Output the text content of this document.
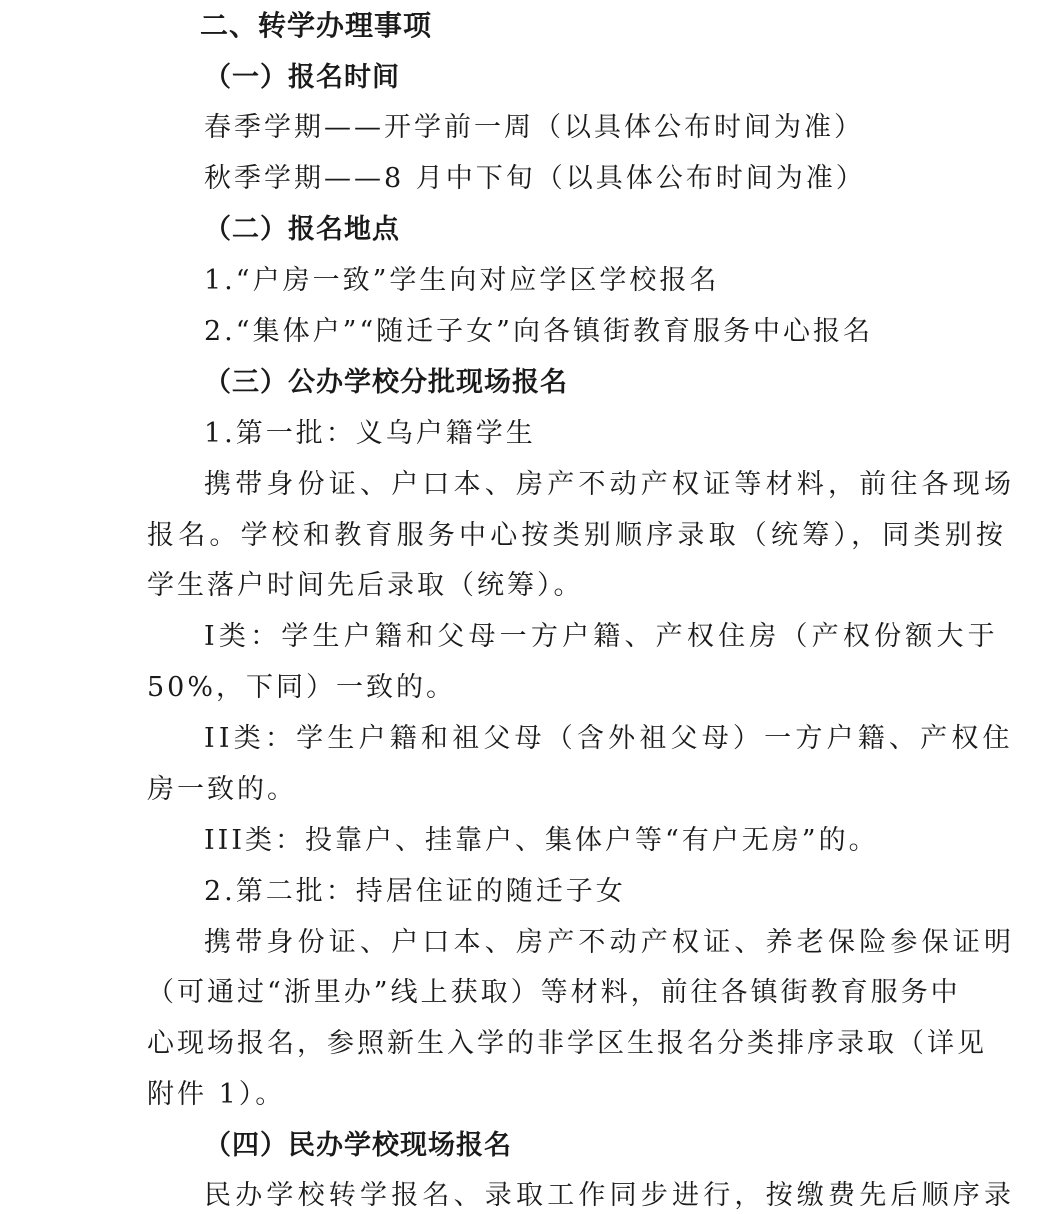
二、转学办理事项
（一）报名时间
春季学期——开学前一周（以具体公布时间为准）
秋季学期——8 月中下旬（以具体公布时间为准）
（二）报名地点
1.“户房一致”学生向对应学区学校报名
2.“集体户”“随迁子女”向各镇街教育服务中心报名
（三）公办学校分批现场报名
1.第一批：义乌户籍学生
携带身份证、户口本、房产不动产权证等材料，前往各现场
报名。学校和教育服务中心按类别顺序录取（统筹），同类别按
学生落户时间先后录取（统筹）。
I类：学生户籍和父母一方户籍、产权住房（产权份额大于
50%，下同）一致的。
II类：学生户籍和祖父母（含外祖父母）一方户籍、产权住
房一致的。
III类：投靠户、挂靠户、集体户等“有户无房”的。
2.第二批：持居住证的随迁子女
携带身份证、户口本、房产不动产权证、养老保险参保证明
（可通过“浙里办”线上获取）等材料，前往各镇街教育服务中
心现场报名，参照新生入学的非学区生报名分类排序录取（详见
附件 1）。
（四）民办学校现场报名
民办学校转学报名、录取工作同步进行，按缴费先后顺序录
